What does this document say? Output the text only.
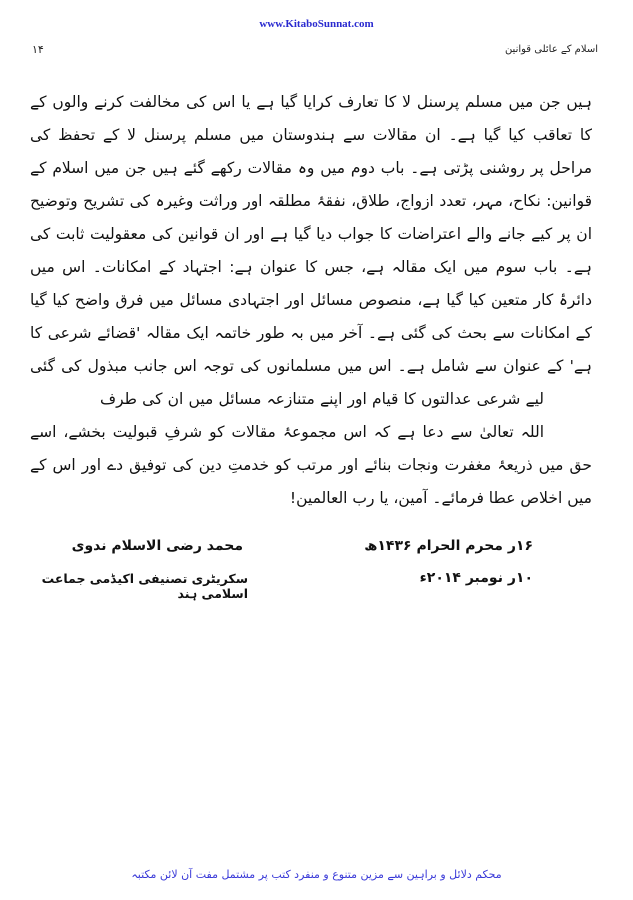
www.KitaboSunnat.com
اسلام کے عائلی قوانین
۱۴
ہیں جن میں مسلم پرسنل لا کا تعارف کرایا گیا ہے یا اس کی مخالفت کرنے والوں کے
کا تعاقب کیا گیا ہے۔ ان مقالات سے ہندوستان میں مسلم پرسنل لا کے تحفظ کی
مراحل پر روشنی پڑتی ہے۔ باب دوم میں وہ مقالات رکھے گئے ہیں جن میں اسلام کے
قوانین: نکاح، مہر، تعدد ازواج، طلاق، نفقۂ مطلقہ اور وراثت وغیرہ کی تشریح وتوضیح
ان پر کیے جانے والے اعتراضات کا جواب دیا گیا ہے اور ان قوانین کی معقولیت ثابت کی
ہے۔ باب سوم میں ایک مقالہ ہے، جس کا عنوان ہے: اجتہاد کے امکانات۔ اس میں
دائرۂ کار متعین کیا گیا ہے، منصوص مسائل اور اجتہادی مسائل میں فرق واضح کیا گیا
کے امکانات سے بحث کی گئی ہے۔ آخر میں بہ طور خاتمہ ایک مقالہ 'قضائے شرعی کا
ہے' کے عنوان سے شامل ہے۔ اس میں مسلمانوں کی توجہ اس جانب مبذول کی گئی
لیے شرعی عدالتوں کا قیام اور اپنے متنازعہ مسائل میں ان کی طرف
اللہ تعالیٰ سے دعا ہے کہ اس مجموعۂ مقالات کو شرفِ قبولیت بخشے، اسے
حق میں ذریعۂ مغفرت ونجات بنائے اور مرتب کو خدمتِ دین کی توفیق دے اور اس کے
میں اخلاص عطا فرمائے۔ آمین، یا رب العالمین!
۱۶ر محرم الحرام ۱۴۳۶ھ
۱۰ر نومبر ۲۰۱۴ء
محمد رضی الاسلام ندوی
سکریٹری تصنیفی اکیڈمی جماعت اسلامی ہند
محکم دلائل و براہین سے مزین متنوع و منفرد کتب پر مشتمل مفت آن لائن مکتبہ
